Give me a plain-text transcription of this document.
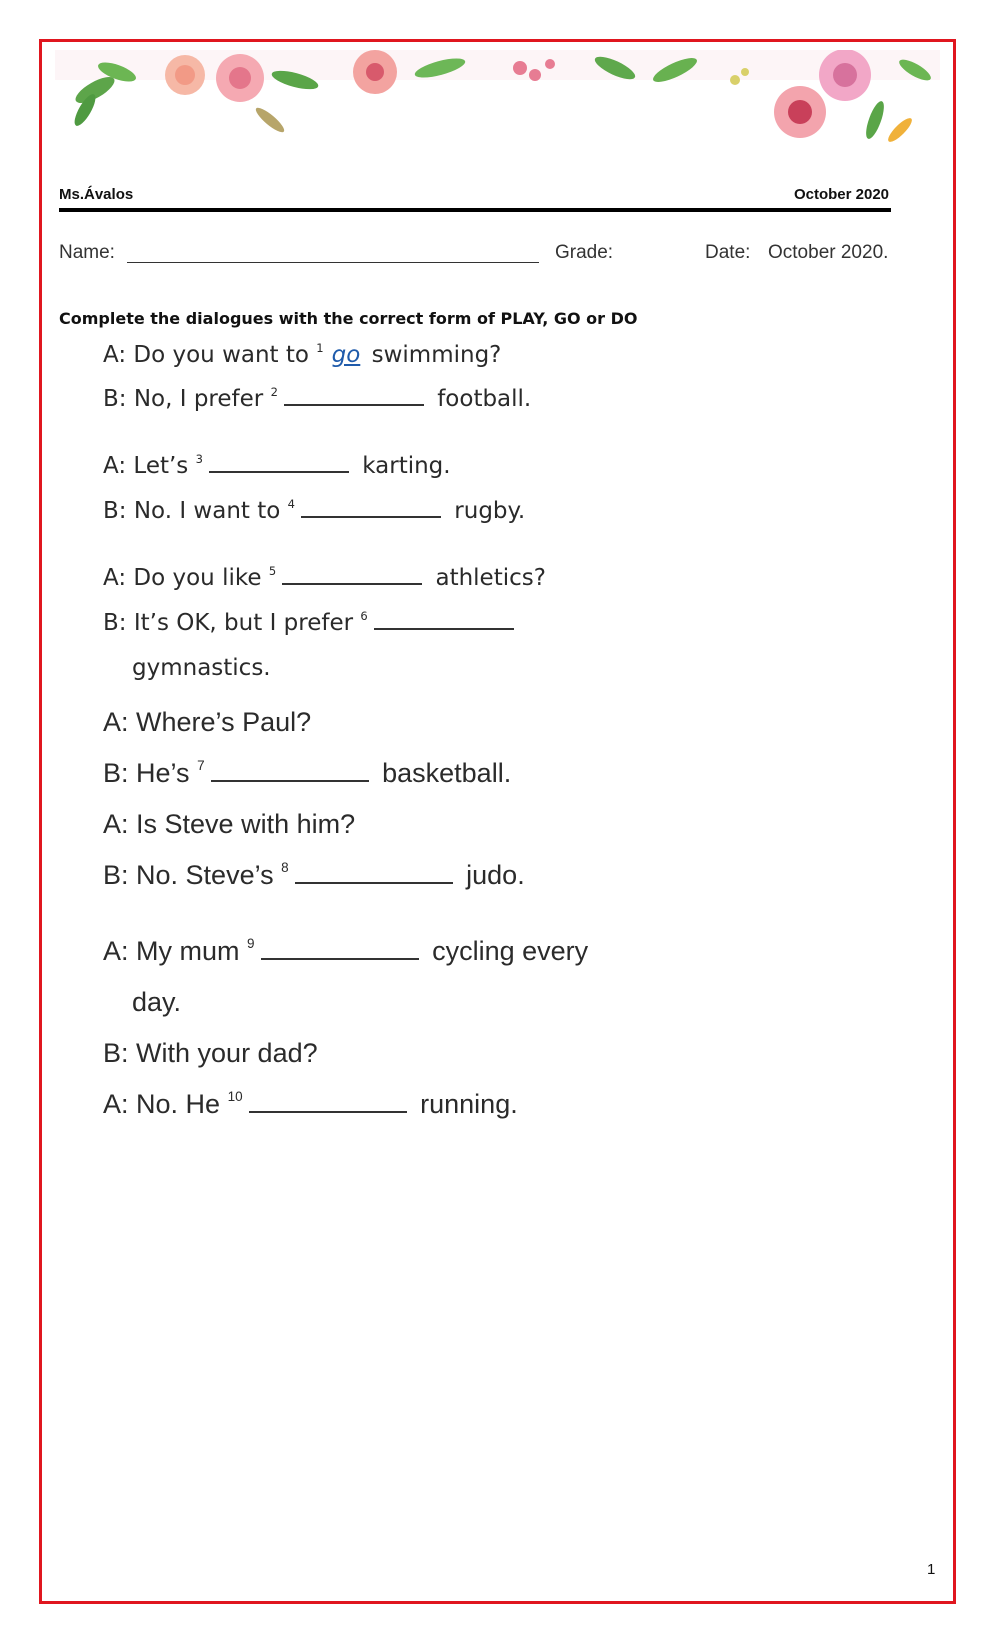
Ms.Ávalos	October 2020
Name:	Grade:	Date: October 2020.
Complete the dialogues with the correct form of PLAY, GO or DO
A: Do you want to $^1$ go swimming?
B: No, I prefer $^2$	football.
A: Let’s $^3$	karting.
B: No. I want to $^4$	rugby.
A: Do you like $^5$	athletics?
B: It’s OK, but I prefer $^6$
gymnastics.
A: Where’s Paul?
B: He’s $^7$	basketball.
A: Is Steve with him?
B: No. Steve’s $^8$	judo.
A: My mum $^9$	cycling every
day.
B: With your dad?
A: No. He $^{10}$	running.
1
